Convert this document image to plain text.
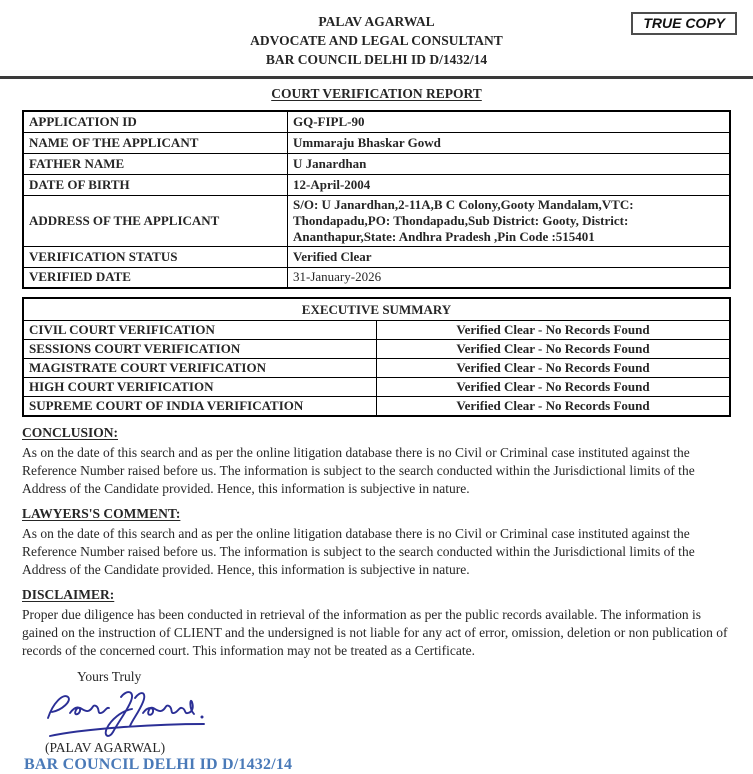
TRUE COPY
PALAV AGARWAL
ADVOCATE AND LEGAL CONSULTANT
BAR COUNCIL DELHI ID D/1432/14
COURT VERIFICATION REPORT
APPLICATION ID	GQ-FIPL-90
NAME OF THE APPLICANT	Ummaraju Bhaskar Gowd
FATHER NAME	U Janardhan
DATE OF BIRTH	12-April-2004
ADDRESS OF THE APPLICANT	S/O: U Janardhan,2-11A,B C Colony,Gooty Mandalam,VTC: Thondapadu,PO: Thondapadu,Sub District: Gooty, District: Ananthapur,State: Andhra Pradesh ,Pin Code :515401
VERIFICATION STATUS	Verified Clear
VERIFIED DATE	31-January-2026
EXECUTIVE SUMMARY	
CIVIL COURT VERIFICATION	Verified Clear - No Records Found
SESSIONS COURT VERIFICATION	Verified Clear - No Records Found
MAGISTRATE COURT VERIFICATION	Verified Clear - No Records Found
HIGH COURT VERIFICATION	Verified Clear - No Records Found
SUPREME COURT OF INDIA VERIFICATION	Verified Clear - No Records Found
CONCLUSION:

As on the date of this search and as per the online litigation database there is no Civil or Criminal case instituted against the Reference Number raised before us. The information is subject to the search conducted within the Jurisdictional limits of the Address of the Candidate provided. Hence, this information is subjective in nature.

LAWYERS'S COMMENT:

As on the date of this search and as per the online litigation database there is no Civil or Criminal case instituted against the Reference Number raised before us. The information is subject to the search conducted within the Jurisdictional limits of the Address of the Candidate provided. Hence, this information is subjective in nature.

DISCLAIMER:

Proper due diligence has been conducted in retrieval of the information as per the public records available. The information is gained on the instruction of CLIENT and the undersigned is not liable for any act of error, omission, deletion or non publication of records of the concerned court. This information may not be treated as a Certificate.

Yours Truly
(PALAV AGARWAL)
BAR COUNCIL DELHI ID D/1432/14
